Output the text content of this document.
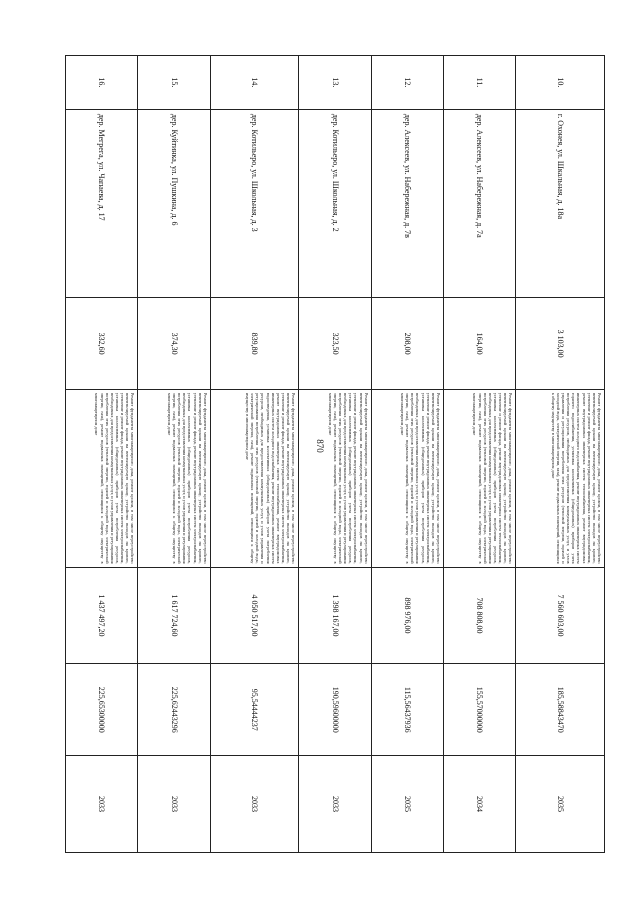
870
10.	г. Охонея, ул. Шкальная, д. 18а	3 103,00	Ремонт фундамента многоквартирного дома, ремонт кровли, в том числе переустройство невентилируемой крыши на вентилируемую крышу, устройство выходов на кровлю, утепление и ремонт фасада, ремонт внутридомовых инженерных систем электроснабжения, ремонт внутридомовых инженерных систем теплоснабжения, ремонт внутридомовых инженерных систем холодного водоснабжения, ремонт внутридомовых инженерных систем горячего водоснабжения, установка коллективных (общедомовых) приборов учета потребления ресурсов, необходимых для предоставления коммунальных услуг, и узлов управления и регулирования потребления этих ресурсов (тепловой энергии, горячей и холодной воды, электрической энергии, газа), ремонт подвальных помещений, относящихся к общему имуществу в многоквартирном доме	7 560 603,00	185,58843470	2035
11.	дер. Алексеев, ул. Набережная, д. 7а	164,00	Ремонт фундамента многоквартирного дома, ремонт кровли, в том числе переустройство невентилируемой крыши на вентилируемую крышу, устройство выходов на кровлю, утепление и ремонт фасада, ремонт внутридомовых инженерных систем теплоснабжения, установка коллективных (общедомовых) приборов учета потребления ресурсов, необходимых для предоставления коммунальных услуг, и узлов управления и регулирования потребления этих ресурсов (тепловой энергии, горячей и холодной воды, электрической энергии, газа), ремонт подвальных помещений, относящихся к общему имуществу в многоквартирном доме	708 808,00	155,57000000	2034
12.	дер. Алексеев, ул. Набережная, д. 7в	208,00	Ремонт фундамента многоквартирного дома, ремонт кровли, в том числе переустройство невентилируемой крыши на вентилируемую крышу, устройство выходов на кровлю, утепление и ремонт фасада, ремонт внутридомовых инженерных систем электроснабжения, установка коллективных (общедомовых) приборов учета потребления ресурсов, необходимых для предоставления коммунальных услуг, и узлов управления и регулирования потребления этих ресурсов (тепловой энергии, горячей и холодной воды, электрической энергии, газа), ремонт подвальных помещений, относящихся к общему имуществу в многоквартирном доме	898 976,00	115,56437936	2035
13.	дер. Котильеро, ул. Школьная, д. 2	323,50	Ремонт фундамента многоквартирного дома, ремонт кровли, в том числе переустройство невентилируемой крыши на вентилируемую крышу, устройство выходов на кровлю, утепление и ремонт фасада, ремонт внутридомовых инженерных систем электроснабжения, установка коллективных (общедомовых) приборов учета потребления ресурсов, необходимых для предоставления коммунальных услуг, и узлов управления и регулирования потребления этих ресурсов (тепловой энергии, горячей и холодной воды, электрической энергии, газа), ремонт подвальных помещений, относящихся к общему имуществу в многоквартирном доме	1 398 167,00	190,59600000	2033
14.	дер. Котильеро, ул. Школьная, д. 3	839,80	Ремонт фундамента многоквартирного дома, ремонт кровли, в том числе переустройство невентилируемой крыши на вентилируемую крышу, устройство выходов на кровлю, утепление и ремонт фасада, ремонт внутридомовых инженерных систем электроснабжения, ремонт внутридомовых инженерных систем теплоснабжения, ремонт внутридомовых инженерных систем холодного водоснабжения, ремонт внутридомовых инженерных систем водоотведения, установка коллективных (общедомовых) приборов учета потребления ресурсов, необходимых для предоставления коммунальных услуг, и узлов управления и регулирования потребления этих ресурсов (тепловой энергии, горячей и холодной воды, электрической энергии, газа), ремонт подвальных помещений, относящихся к общему имуществу в многоквартирном доме	4 050 517,00	95,54444237	2033
15.	дер. Куйтинка, ул. Пушкина, д. 6	374,30	Ремонт фундамента многоквартирного дома, ремонт кровли, в том числе переустройство невентилируемой крыши на вентилируемую крышу, устройство выходов на кровлю, утепление и ремонт фасада, ремонт внутридомовых инженерных систем электроснабжения, установка коллективных (общедомовых) приборов учета потребления ресурсов, необходимых для предоставления коммунальных услуг, и узлов управления и регулирования потребления этих ресурсов (тепловой энергии, горячей и холодной воды, электрической энергии, газа), ремонт подвальных помещений, относящихся к общему имуществу в многоквартирном доме	1 617 724,60	225,62443296	2033
16.	дер. Мегрега, ул. Чапаева, д. 17	332,60	Ремонт фундамента многоквартирного дома, ремонт кровли, в том числе переустройство невентилируемой крыши на вентилируемую крышу, устройство выходов на кровлю, утепление и ремонт фасада, ремонт внутридомовых инженерных систем электроснабжения, установка коллективных (общедомовых) приборов учета потребления ресурсов, необходимых для предоставления коммунальных услуг, и узлов управления и регулирования потребления этих ресурсов (тепловой энергии, горячей и холодной воды, электрической энергии, газа), ремонт подвальных помещений, относящихся к общему имуществу в многоквартирном доме	1 437 497,20	225,65300000	2033
